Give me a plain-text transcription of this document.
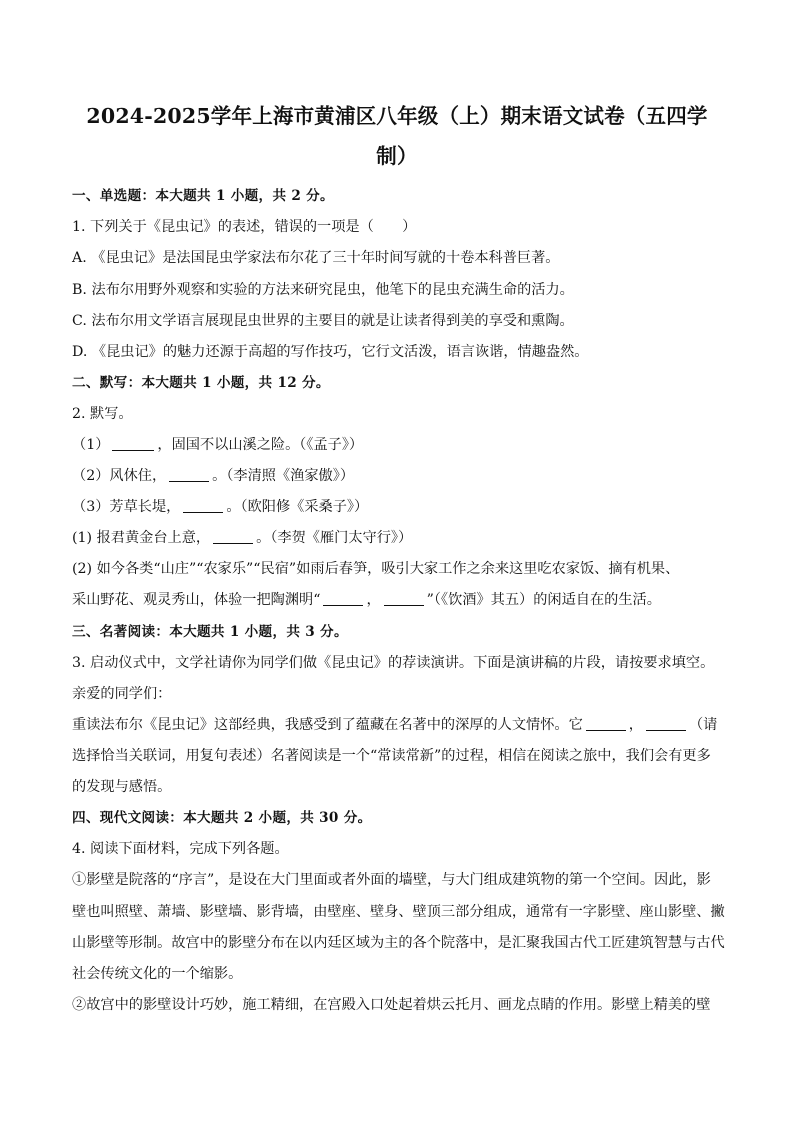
2024-2025学年上海市黄浦区八年级（上）期末语文试卷（五四学
制）
一、单选题：本大题共 1 小题，共 2 分。
1. 下列关于《昆虫记》的表述，错误的一项是（　　）
A. 《昆虫记》是法国昆虫学家法布尔花了三十年时间写就的十卷本科普巨著。
B. 法布尔用野外观察和实验的方法来研究昆虫，他笔下的昆虫充满生命的活力。
C. 法布尔用文学语言展现昆虫世界的主要目的就是让读者得到美的享受和熏陶。
D. 《昆虫记》的魅力还源于高超的写作技巧，它行文活泼，语言诙谐，情趣盎然。
二、默写：本大题共 1 小题，共 12 分。
2. 默写。
（1）	，固国不以山溪之险。（《孟子》）
（2）风休住，	。（李清照《渔家傲》）
（3）芳草长堤，	。（欧阳修《采桑子》）
(1) 报君黄金台上意，	。（李贺《雁门太守行》）
(2) 如今各类“山庄”“农家乐”“民宿”如雨后春笋，吸引大家工作之余来这里吃农家饭、摘有机果、
采山野花、观灵秀山，体验一把陶渊明“	，	”（《饮酒》其五）的闲适自在的生活。
三、名著阅读：本大题共 1 小题，共 3 分。
3. 启动仪式中，文学社请你为同学们做《昆虫记》的荐读演讲。下面是演讲稿的片段，请按要求填空。
亲爱的同学们：
重读法布尔《昆虫记》这部经典，我感受到了蕴藏在名著中的深厚的人文情怀。它	，	（请
选择恰当关联词，用复句表述）名著阅读是一个“常读常新”的过程，相信在阅读之旅中，我们会有更多
的发现与感悟。
四、现代文阅读：本大题共 2 小题，共 30 分。
4. 阅读下面材料，完成下列各题。
①影壁是院落的“序言”，是设在大门里面或者外面的墙壁，与大门组成建筑物的第一个空间。因此，影
壁也叫照壁、萧墙、影壁墙、影背墙，由壁座、壁身、壁顶三部分组成，通常有一字影壁、座山影壁、撇
山影壁等形制。故宫中的影壁分布在以内廷区域为主的各个院落中，是汇聚我国古代工匠建筑智慧与古代
社会传统文化的一个缩影。
②故宫中的影壁设计巧妙，施工精细，在宫殿入口处起着烘云托月、画龙点睛的作用。影壁上精美的壁
